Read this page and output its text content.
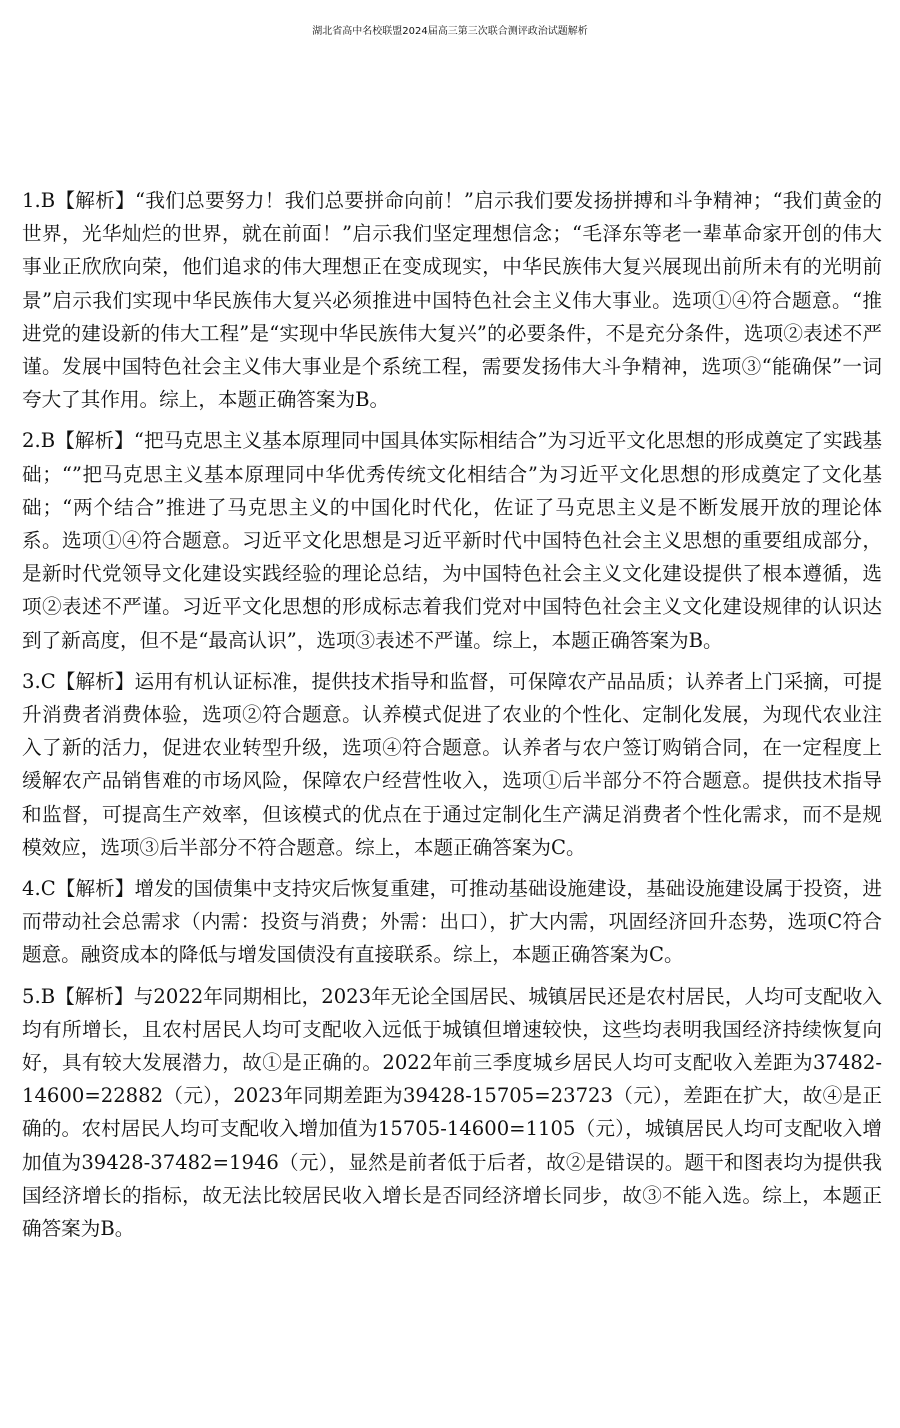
湖北省高中名校联盟2024届高三第三次联合测评政治试题解析

1.B【解析】“我们总要努力！我们总要拼命向前！”启示我们要发扬拼搏和斗争精神；“我们黄金的世界，光华灿烂的世界，就在前面！”启示我们坚定理想信念；“毛泽东等老一辈革命家开创的伟大事业正欣欣向荣，他们追求的伟大理想正在变成现实，中华民族伟大复兴展现出前所未有的光明前景”启示我们实现中华民族伟大复兴必须推进中国特色社会主义伟大事业。选项①④符合题意。“推进党的建设新的伟大工程”是“实现中华民族伟大复兴”的必要条件，不是充分条件，选项②表述不严谨。发展中国特色社会主义伟大事业是个系统工程，需要发扬伟大斗争精神，选项③“能确保”一词夸大了其作用。综上，本题正确答案为B。

2.B【解析】“把马克思主义基本原理同中国具体实际相结合”为习近平文化思想的形成奠定了实践基础；“”把马克思主义基本原理同中华优秀传统文化相结合”为习近平文化思想的形成奠定了文化基础；“两个结合”推进了马克思主义的中国化时代化，佐证了马克思主义是不断发展开放的理论体系。选项①④符合题意。习近平文化思想是习近平新时代中国特色社会主义思想的重要组成部分，是新时代党领导文化建设实践经验的理论总结，为中国特色社会主义文化建设提供了根本遵循，选项②表述不严谨。习近平文化思想的形成标志着我们党对中国特色社会主义文化建设规律的认识达到了新高度，但不是“最高认识”，选项③表述不严谨。综上，本题正确答案为B。

3.C【解析】运用有机认证标准，提供技术指导和监督，可保障农产品品质；认养者上门采摘，可提升消费者消费体验，选项②符合题意。认养模式促进了农业的个性化、定制化发展，为现代农业注入了新的活力，促进农业转型升级，选项④符合题意。认养者与农户签订购销合同，在一定程度上缓解农产品销售难的市场风险，保障农户经营性收入，选项①后半部分不符合题意。提供技术指导和监督，可提高生产效率，但该模式的优点在于通过定制化生产满足消费者个性化需求，而不是规模效应，选项③后半部分不符合题意。综上，本题正确答案为C。

4.C【解析】增发的国债集中支持灾后恢复重建，可推动基础设施建设，基础设施建设属于投资，进而带动社会总需求（内需：投资与消费；外需：出口），扩大内需，巩固经济回升态势，选项C符合题意。融资成本的降低与增发国债没有直接联系。综上，本题正确答案为C。

5.B【解析】与2022年同期相比，2023年无论全国居民、城镇居民还是农村居民，人均可支配收入均有所增长，且农村居民人均可支配收入远低于城镇但增速较快，这些均表明我国经济持续恢复向好，具有较大发展潜力，故①是正确的。2022年前三季度城乡居民人均可支配收入差距为37482-14600=22882（元），2023年同期差距为39428-15705=23723（元），差距在扩大，故④是正确的。农村居民人均可支配收入增加值为15705-14600=1105（元），城镇居民人均可支配收入增加值为39428-37482=1946（元），显然是前者低于后者，故②是错误的。题干和图表均为提供我国经济增长的指标，故无法比较居民收入增长是否同经济增长同步，故③不能入选。综上，本题正确答案为B。
